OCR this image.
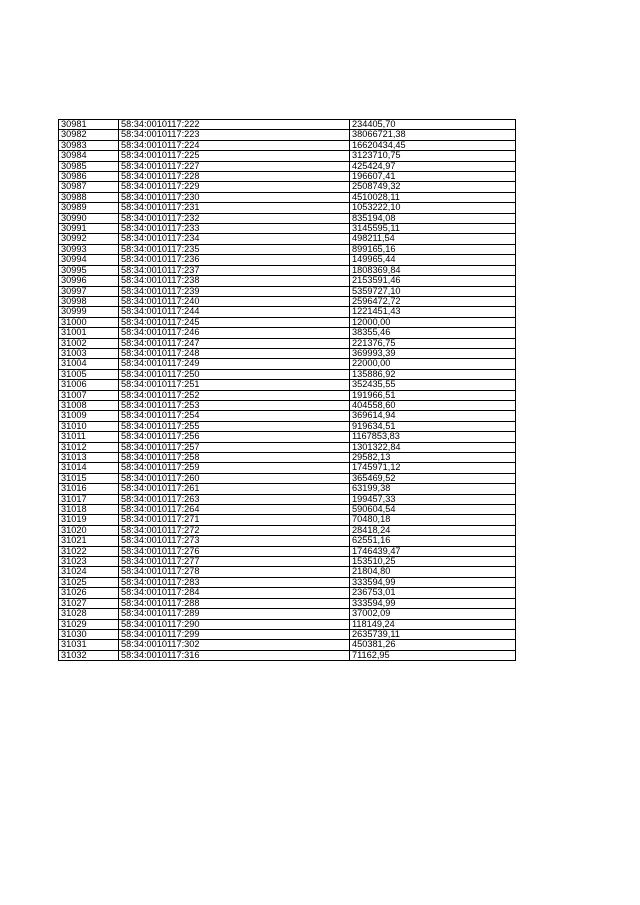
30981	58:34:0010117:222	234405,70
30982	58:34:0010117:223	38066721,38
30983	58:34:0010117:224	16620434,45
30984	58:34:0010117:225	3123710,75
30985	58:34:0010117:227	425424,97
30986	58:34:0010117:228	196607,41
30987	58:34:0010117:229	2508749,32
30988	58:34:0010117:230	4510028,11
30989	58:34:0010117:231	1053222,10
30990	58:34:0010117:232	835194,08
30991	58:34:0010117:233	3145595,11
30992	58:34:0010117:234	498211,54
30993	58:34:0010117:235	899165,16
30994	58:34:0010117:236	149965,44
30995	58:34:0010117:237	1808369,84
30996	58:34:0010117:238	2153591,46
30997	58:34:0010117:239	5359727,10
30998	58:34:0010117:240	2596472,72
30999	58:34:0010117:244	1221451,43
31000	58:34:0010117:245	12000,00
31001	58:34:0010117:246	38355,46
31002	58:34:0010117:247	221376,75
31003	58:34:0010117:248	369993,39
31004	58:34:0010117:249	22000,00
31005	58:34:0010117:250	135886,92
31006	58:34:0010117:251	352435,55
31007	58:34:0010117:252	191966,51
31008	58:34:0010117:253	404558,60
31009	58:34:0010117:254	369614,94
31010	58:34:0010117:255	919634,51
31011	58:34:0010117:256	1167853,83
31012	58:34:0010117:257	1301322,84
31013	58:34:0010117:258	29582,13
31014	58:34:0010117:259	1745971,12
31015	58:34:0010117:260	365469,52
31016	58:34:0010117:261	63199,38
31017	58:34:0010117:263	199457,33
31018	58:34:0010117:264	590604,54
31019	58:34:0010117:271	70480,18
31020	58:34:0010117:272	28418,24
31021	58:34:0010117:273	62551,16
31022	58:34:0010117:276	1746439,47
31023	58:34:0010117:277	153510,25
31024	58:34:0010117:278	21804,80
31025	58:34:0010117:283	333594,99
31026	58:34:0010117:284	236753,01
31027	58:34:0010117:288	333594,99
31028	58:34:0010117:289	37002,09
31029	58:34:0010117:290	118149,24
31030	58:34:0010117:299	2635739,11
31031	58:34:0010117:302	450381,26
31032	58:34:0010117:316	71162,95
